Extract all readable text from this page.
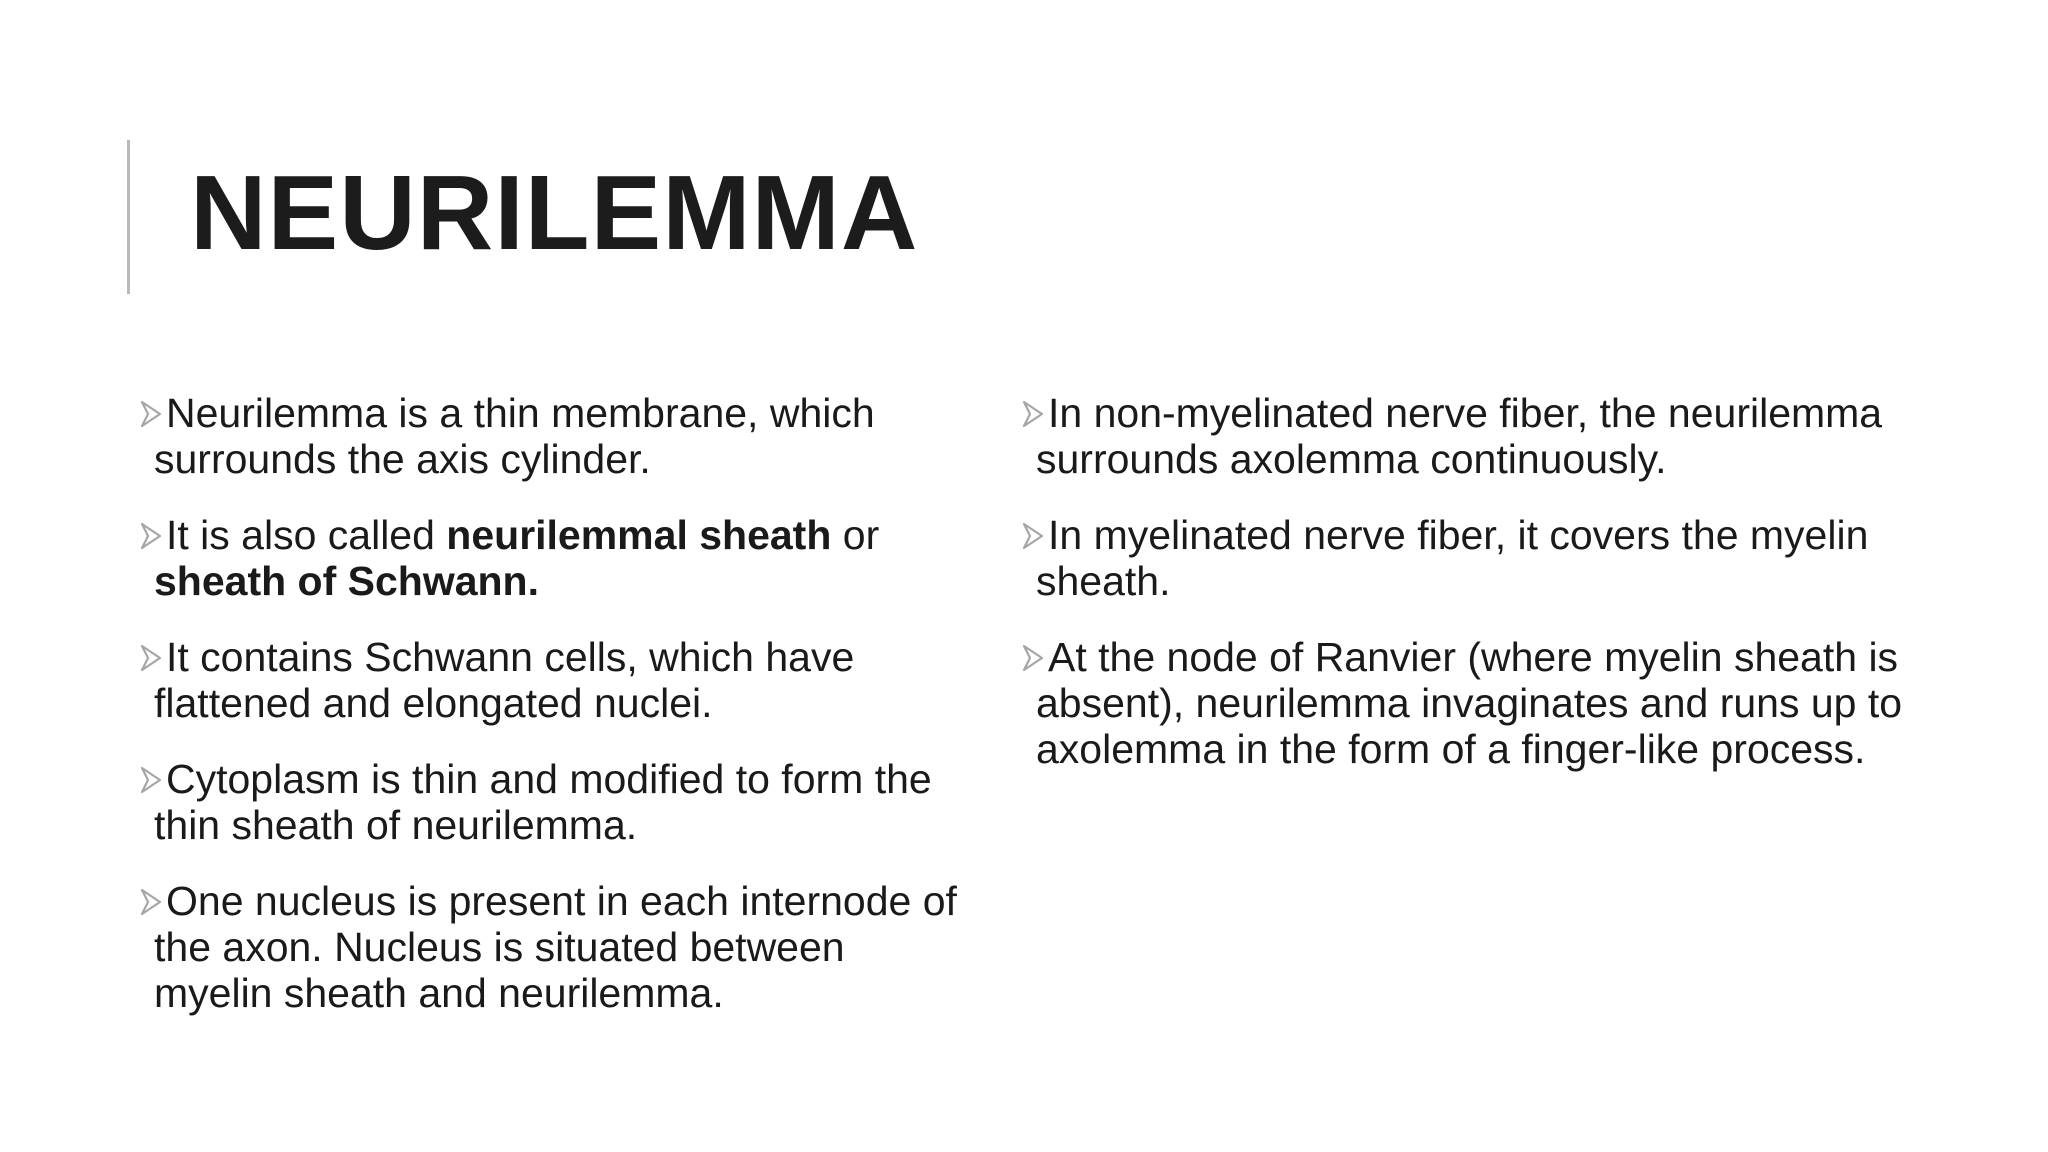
NEURILEMMA
Neurilemma is a thin membrane, which surrounds the axis cylinder.
It is also called neurilemmal sheath or sheath of Schwann.
It contains Schwann cells, which have flattened and elongated nuclei.
Cytoplasm is thin and modified to form the thin sheath of neurilemma.
One nucleus is present in each internode of the axon. Nucleus is situated between myelin sheath and neurilemma.
In non-myelinated nerve fiber, the neurilemma surrounds axolemma continuously.
In myelinated nerve fiber, it covers the myelin sheath.
At the node of Ranvier (where myelin sheath is absent), neurilemma invaginates and runs up to axolemma in the form of a finger-like process.
